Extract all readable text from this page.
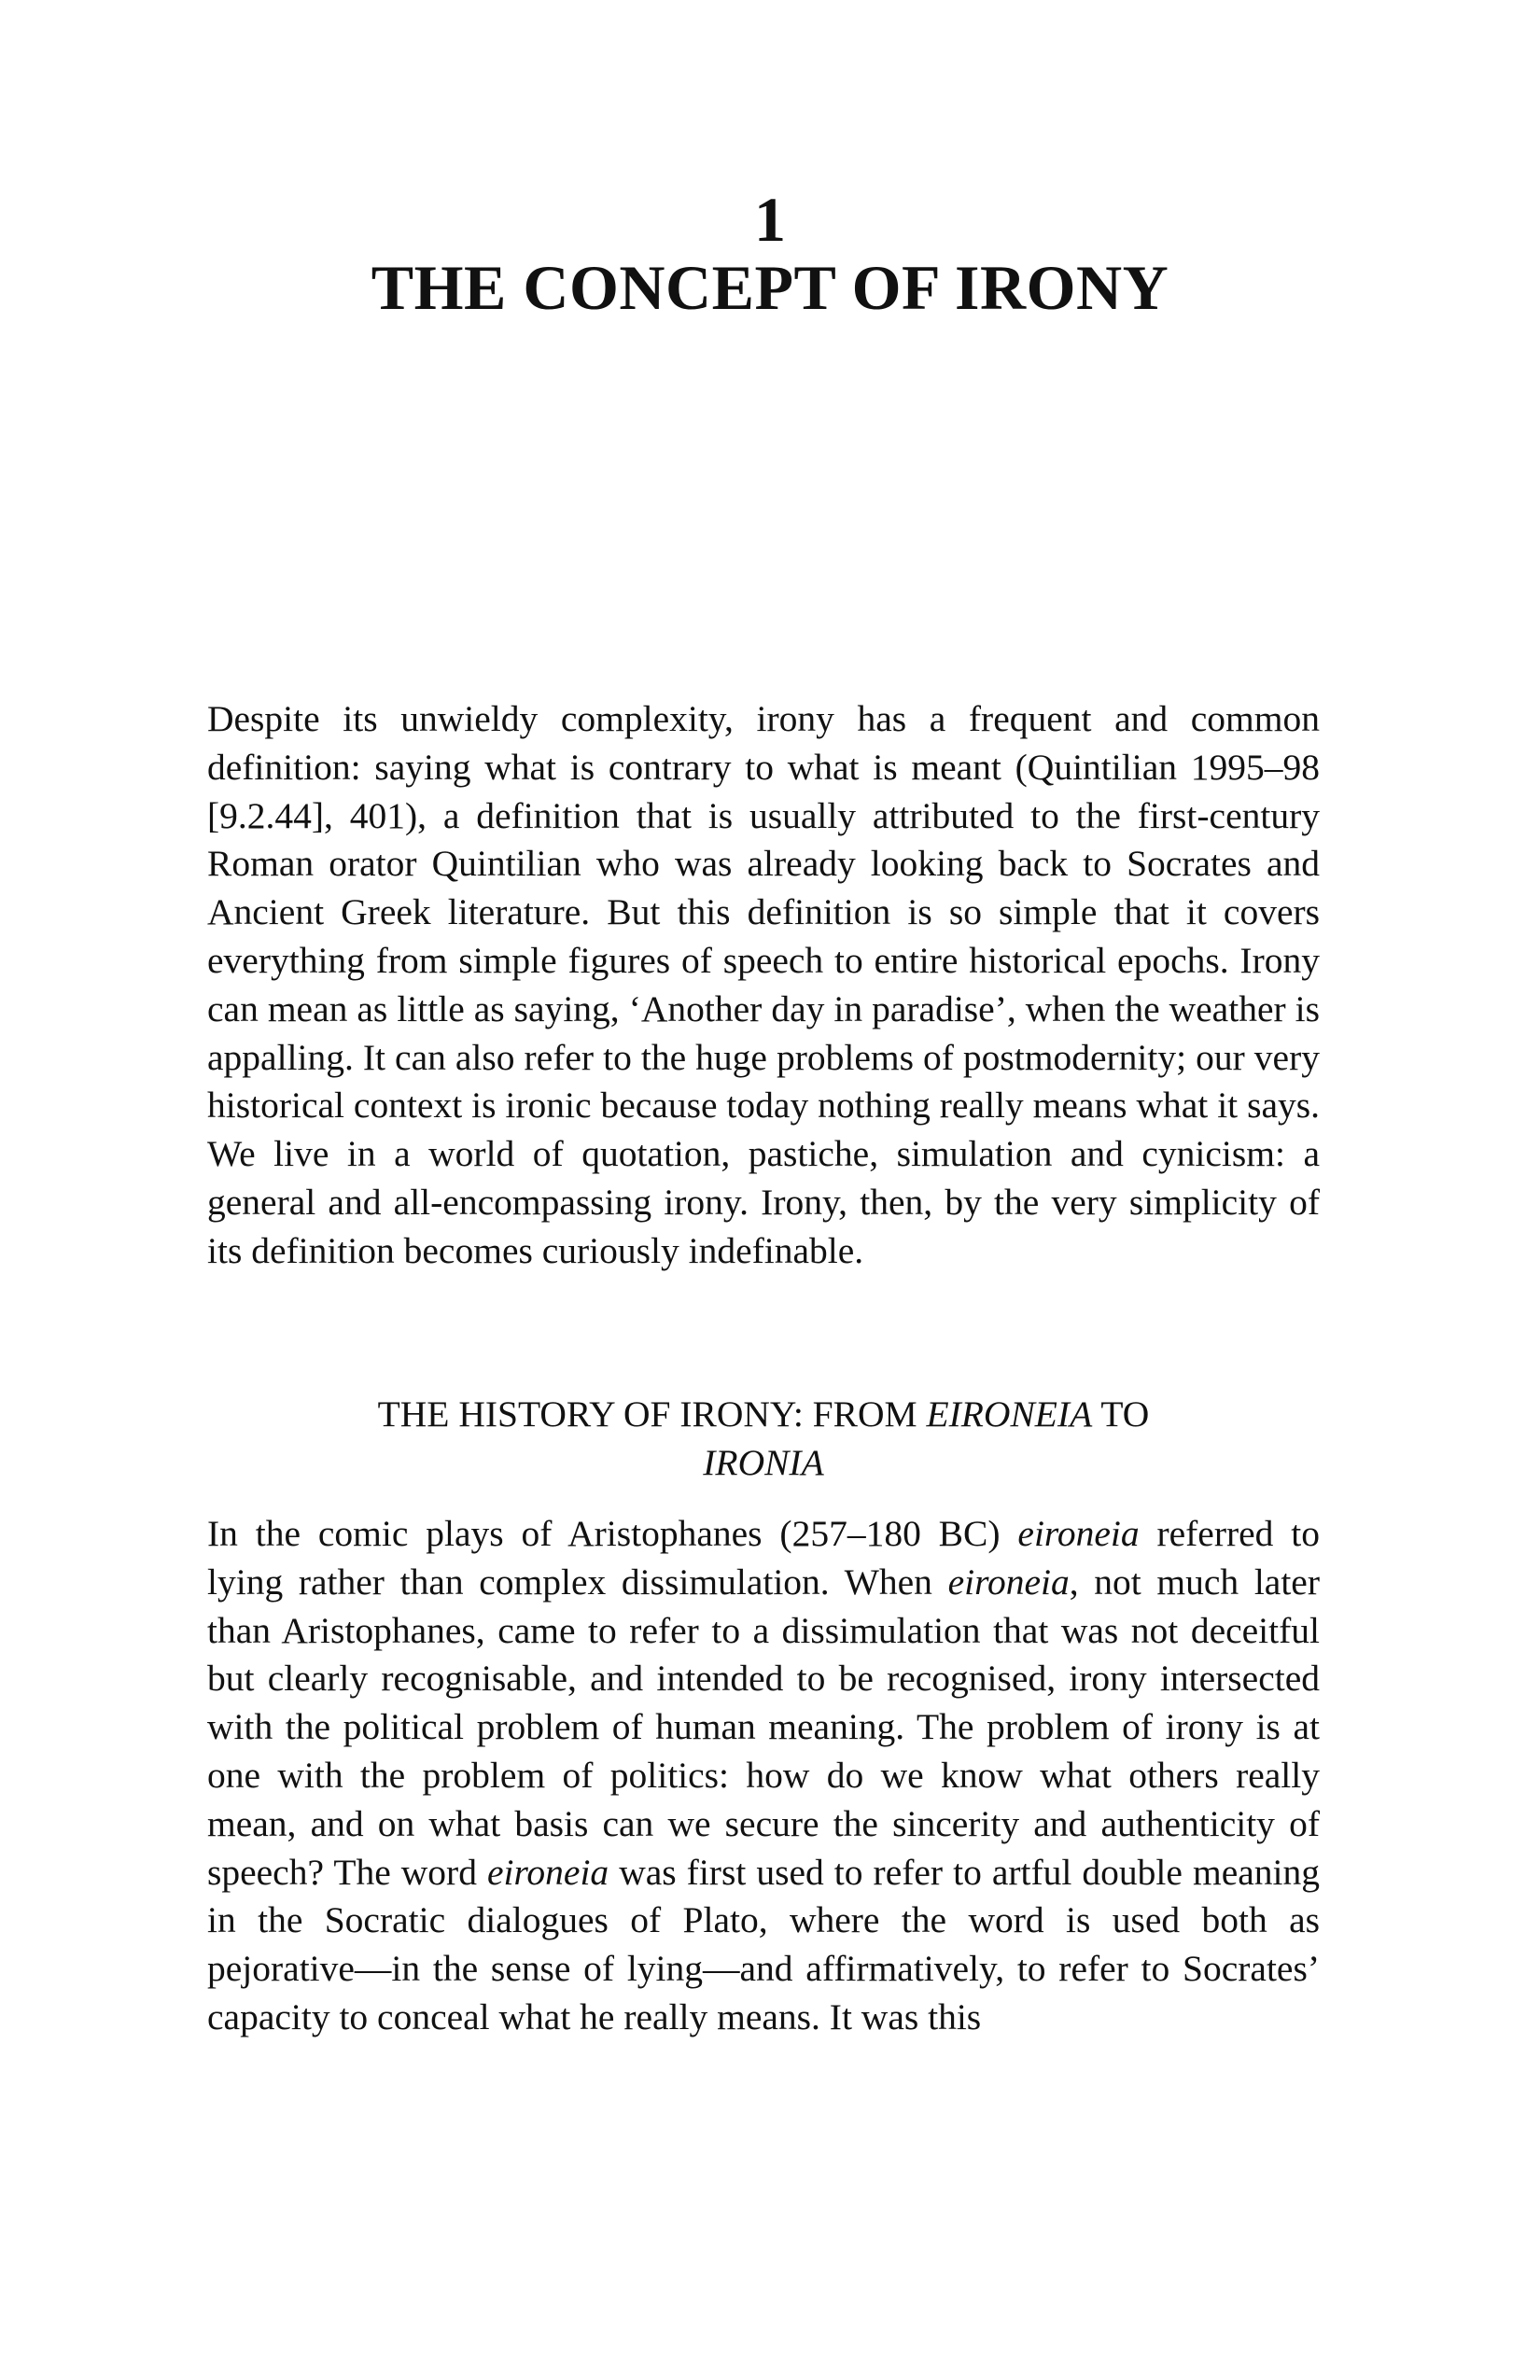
1
THE CONCEPT OF IRONY

Despite its unwieldy complexity, irony has a frequent and common definition: saying what is contrary to what is meant (Quintilian 1995–98 [9.2.44], 401), a definition that is usually attributed to the first-century Roman orator Quintilian who was already looking back to Socrates and Ancient Greek literature. But this definition is so simple that it covers everything from simple figures of speech to entire historical epochs. Irony can mean as little as saying, ‘Another day in paradise’, when the weather is appalling. It can also refer to the huge problems of postmodernity; our very historical context is ironic because today nothing really means what it says. We live in a world of quotation, pastiche, simulation and cynicism: a general and all-encompassing irony. Irony, then, by the very simplicity of its definition becomes curiously indefinable.

THE HISTORY OF IRONY: FROM EIRONEIA TO
IRONIA

In the comic plays of Aristophanes (257–180 BC) eironeia referred to lying rather than complex dissimulation. When eironeia, not much later than Aristophanes, came to refer to a dissimulation that was not deceitful but clearly recognisable, and intended to be recognised, irony intersected with the political problem of human meaning. The problem of irony is at one with the problem of politics: how do we know what others really mean, and on what basis can we secure the sincerity and authenticity of speech? The word eironeia was first used to refer to artful double meaning in the Socratic dialogues of Plato, where the word is used both as pejorative—in the sense of lying—and affirmatively, to refer to Socrates’ capacity to conceal what he really means. It was this
